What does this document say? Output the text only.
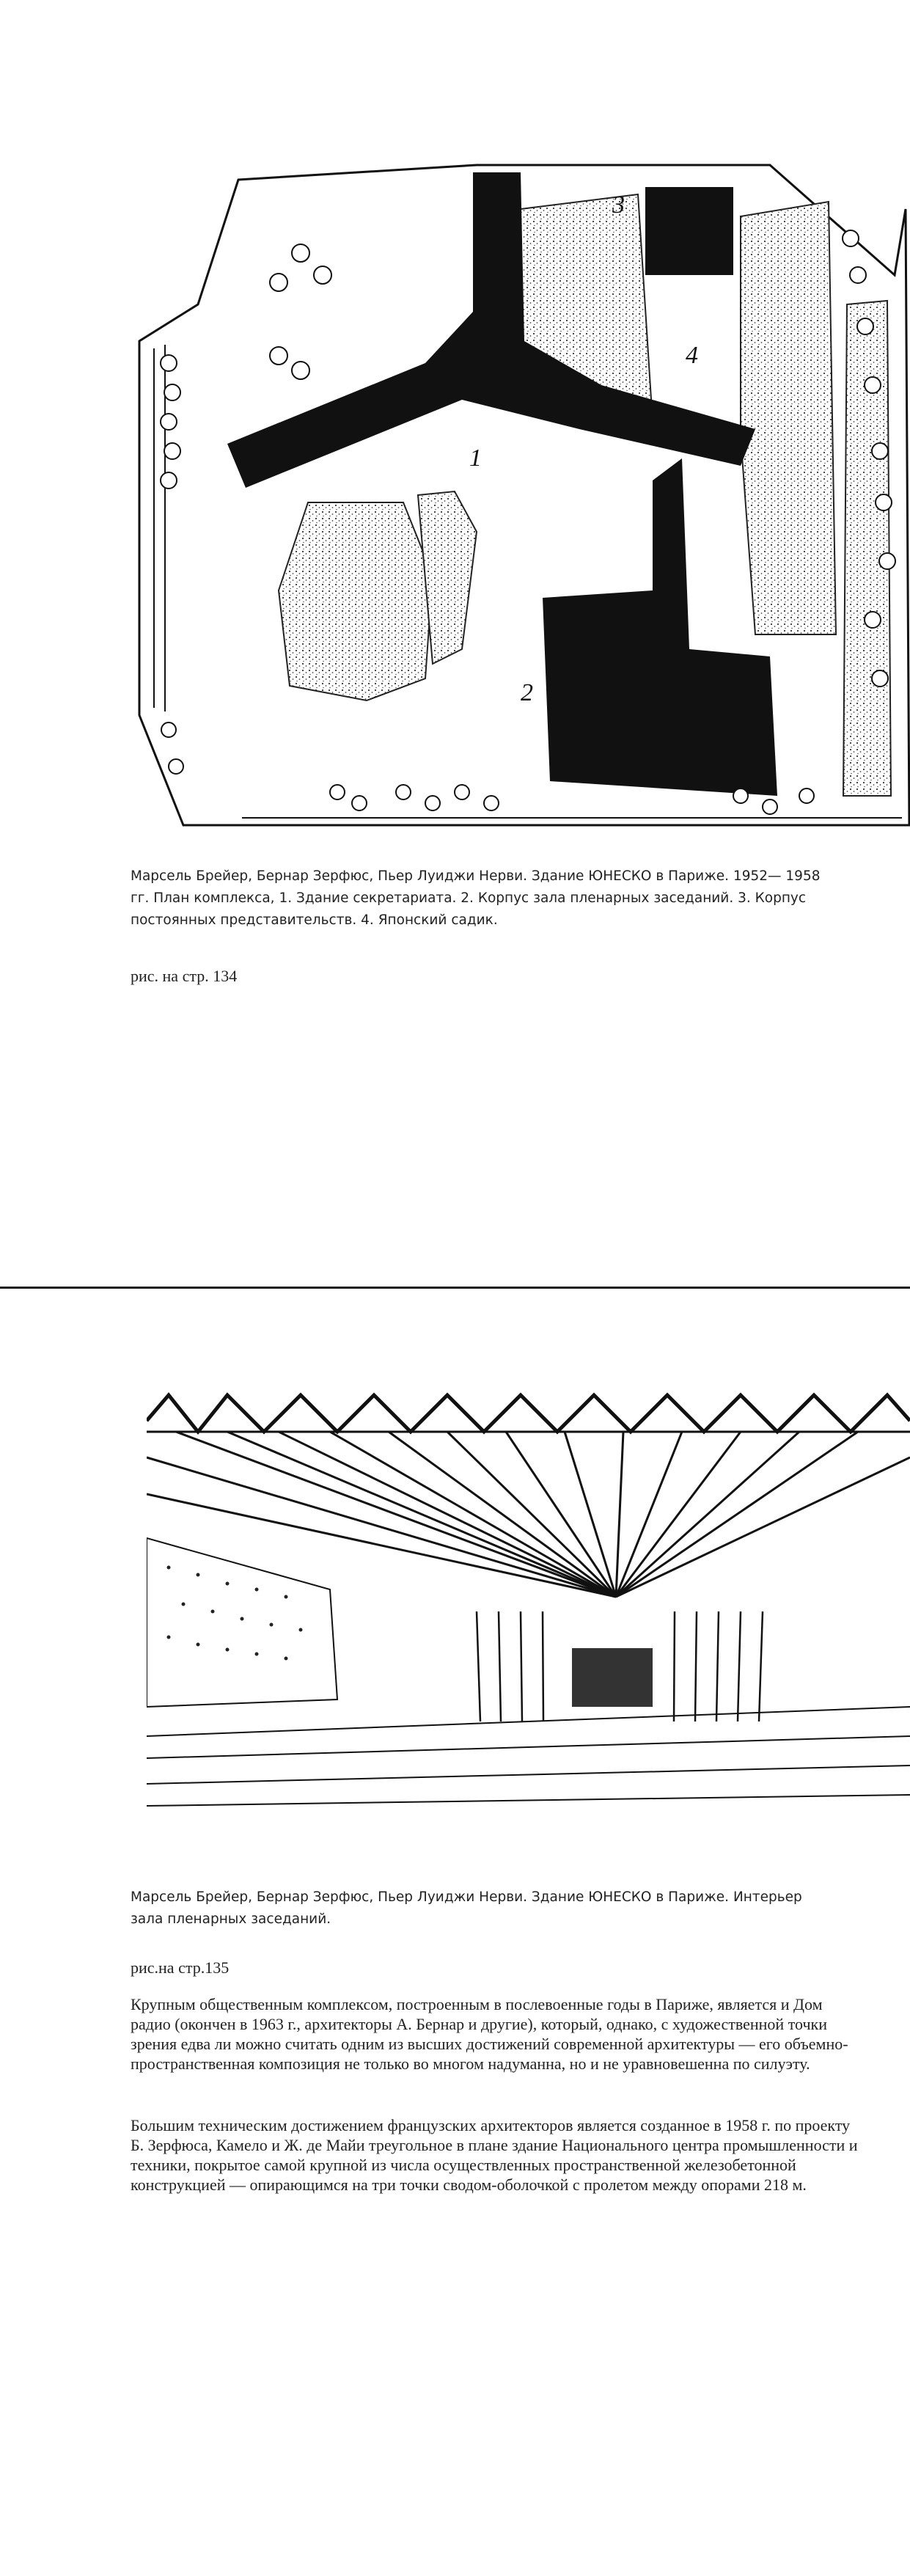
1
2
3
4

Марсель Брейер, Бернар Зерфюс, Пьер Луиджи Нерви. Здание ЮНЕСКО в Париже. 1952— 1958 гг. План комплекса, 1. Здание секретариата. 2. Корпус зала пленарных заседаний. 3. Корпус постоянных представительств. 4. Японский садик.

рис. на стр. 134

Марсель Брейер, Бернар Зерфюс, Пьер Луиджи Нерви. Здание ЮНЕСКО в Париже. Интерьер зала пленарных заседаний.

рис.на стр.135

Крупным общественным комплексом, построенным в послевоенные годы в Париже, является и Дом радио (окончен в 1963 г., архитекторы А. Бернар и другие), который, однако, с художественной точки зрения едва ли можно считать одним из высших достижений современной архитектуры — его объемно-пространственная композиция не только во многом надуманна, но и не уравновешенна по силуэту.

Большим техническим достижением французских архитекторов является созданное в 1958 г. по проекту Б. Зерфюса, Камело и Ж. де Майи треугольное в плане здание Национального центра промышленности и техники, покрытое самой крупной из числа осуществленных пространственной железобетонной конструкцией — опирающимся на три точки сводом-оболочкой с пролетом между опорами 218 м.
